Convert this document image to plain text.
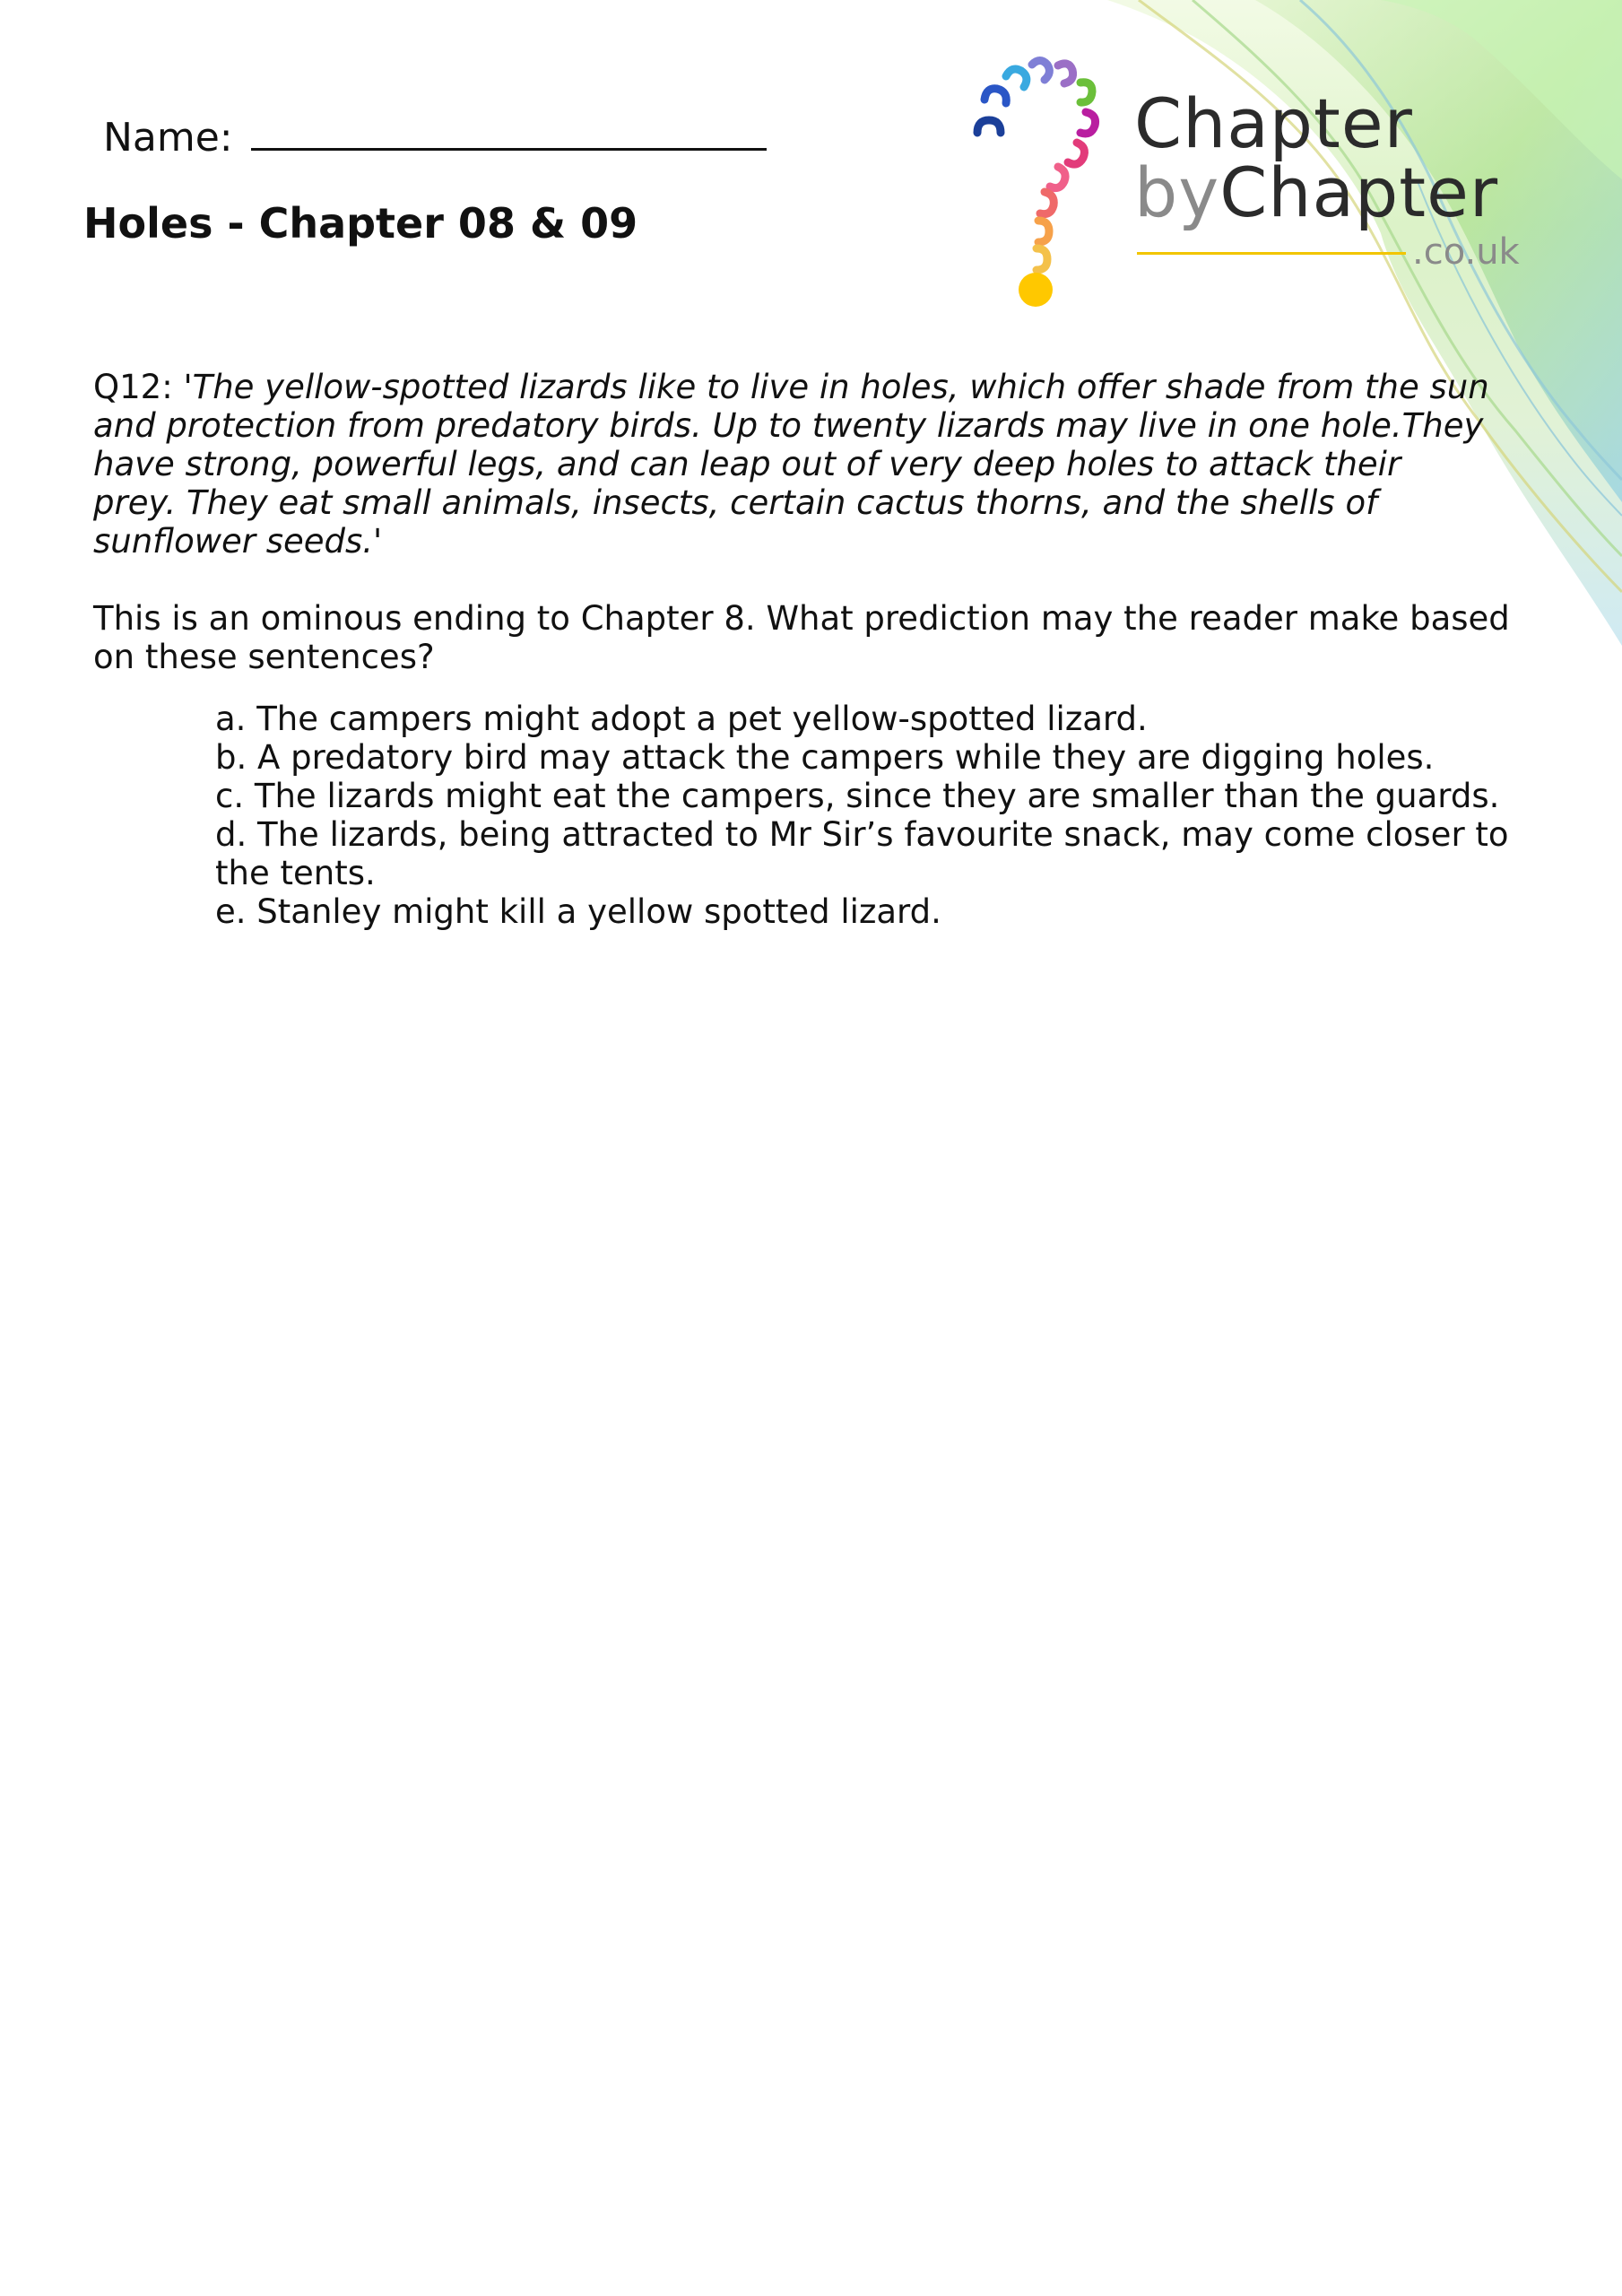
Name:
Holes - Chapter 08 & 09
Chapter
byChapter
.co.uk
Q12: 'The yellow-spotted lizards like to live in holes, which offer shade from the sun and protection from predatory birds. Up to twenty lizards may live in one hole.They have strong, powerful legs, and can leap out of very deep holes to attack their prey. They eat small animals, insects, certain cactus thorns, and the shells of sunflower seeds.'
This is an ominous ending to Chapter 8. What prediction may the reader make based on these sentences?
a. The campers might adopt a pet yellow-spotted lizard.
b. A predatory bird may attack the campers while they are digging holes.
c. The lizards might eat the campers, since they are smaller than the guards.
d. The lizards, being attracted to Mr Sir’s favourite snack, may come closer to the tents.
e. Stanley might kill a yellow spotted lizard.
